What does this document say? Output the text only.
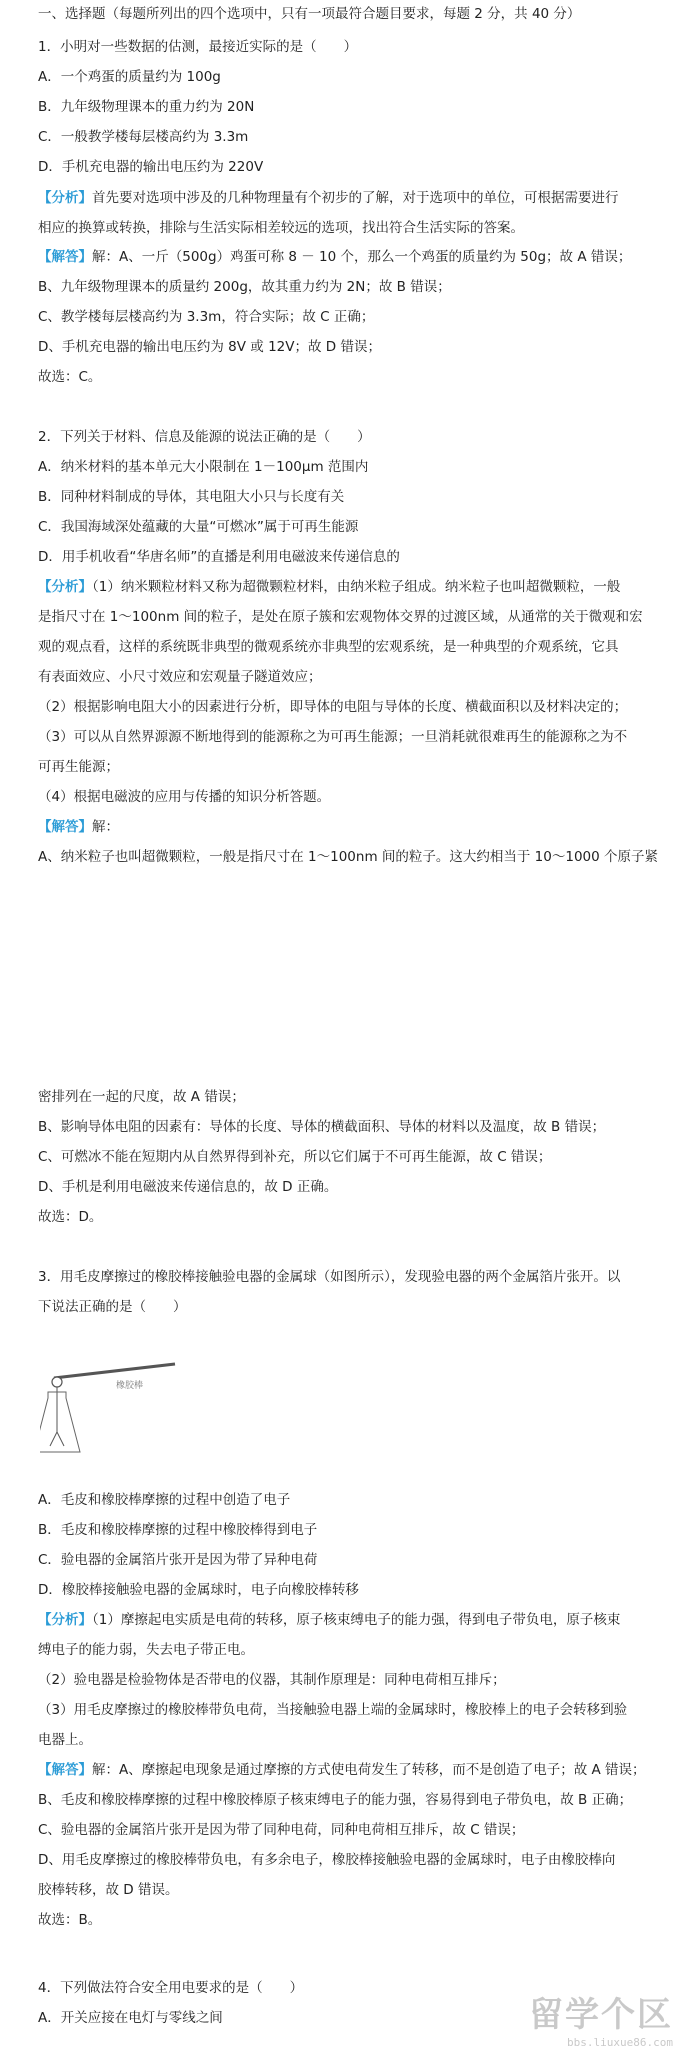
一、选择题（每题所列出的四个选项中，只有一项最符合题目要求，每题 2 分，共 40 分）
1．小明对一些数据的估测，最接近实际的是（　　）
A．一个鸡蛋的质量约为 100g
B．九年级物理课本的重力约为 20N
C．一般教学楼每层楼高约为 3.3m
D．手机充电器的输出电压约为 220V
【分析】首先要对选项中涉及的几种物理量有个初步的了解，对于选项中的单位，可根据需要进行
相应的换算或转换，排除与生活实际相差较远的选项，找出符合生活实际的答案。
【解答】解：A、一斤（500g）鸡蛋可称 8 － 10 个，那么一个鸡蛋的质量约为 50g；故 A 错误；
B、九年级物理课本的质量约 200g，故其重力约为 2N；故 B 错误；
C、教学楼每层楼高约为 3.3m，符合实际；故 C 正确；
D、手机充电器的输出电压约为 8V 或 12V；故 D 错误；
故选：C。
2．下列关于材料、信息及能源的说法正确的是（　　）
A．纳米材料的基本单元大小限制在 1－100μm 范围内
B．同种材料制成的导体，其电阻大小只与长度有关
C．我国海域深处蕴藏的大量“可燃冰”属于可再生能源
D．用手机收看“华唐名师”的直播是利用电磁波来传递信息的
【分析】（1）纳米颗粒材料又称为超微颗粒材料，由纳米粒子组成。纳米粒子也叫超微颗粒，一般
是指尺寸在 1～100nm 间的粒子，是处在原子簇和宏观物体交界的过渡区域，从通常的关于微观和宏
观的观点看，这样的系统既非典型的微观系统亦非典型的宏观系统，是一种典型的介观系统，它具
有表面效应、小尺寸效应和宏观量子隧道效应；
（2）根据影响电阻大小的因素进行分析，即导体的电阻与导体的长度、横截面积以及材料决定的；
（3）可以从自然界源源不断地得到的能源称之为可再生能源；一旦消耗就很难再生的能源称之为不
可再生能源；
（4）根据电磁波的应用与传播的知识分析答题。
【解答】解：
A、纳米粒子也叫超微颗粒，一般是指尺寸在 1～100nm 间的粒子。这大约相当于 10～1000 个原子紧
密排列在一起的尺度，故 A 错误；
B、影响导体电阻的因素有：导体的长度、导体的横截面积、导体的材料以及温度，故 B 错误；
C、可燃冰不能在短期内从自然界得到补充，所以它们属于不可再生能源，故 C 错误；
D、手机是利用电磁波来传递信息的，故 D 正确。
故选：D。
3．用毛皮摩擦过的橡胶棒接触验电器的金属球（如图所示），发现验电器的两个金属箔片张开。以
下说法正确的是（　　）
橡胶棒
A．毛皮和橡胶棒摩擦的过程中创造了电子
B．毛皮和橡胶棒摩擦的过程中橡胶棒得到电子
C．验电器的金属箔片张开是因为带了异种电荷
D．橡胶棒接触验电器的金属球时，电子向橡胶棒转移
【分析】（1）摩擦起电实质是电荷的转移，原子核束缚电子的能力强，得到电子带负电，原子核束
缚电子的能力弱，失去电子带正电。
（2）验电器是检验物体是否带电的仪器，其制作原理是：同种电荷相互排斥；
（3）用毛皮摩擦过的橡胶棒带负电荷，当接触验电器上端的金属球时，橡胶棒上的电子会转移到验
电器上。
【解答】解：A、摩擦起电现象是通过摩擦的方式使电荷发生了转移，而不是创造了电子；故 A 错误；
B、毛皮和橡胶棒摩擦的过程中橡胶棒原子核束缚电子的能力强，容易得到电子带负电，故 B 正确；
C、验电器的金属箔片张开是因为带了同种电荷，同种电荷相互排斥，故 C 错误；
D、用毛皮摩擦过的橡胶棒带负电，有多余电子，橡胶棒接触验电器的金属球时，电子由橡胶棒向
胶棒转移，故 D 错误。
故选：B。
4．下列做法符合安全用电要求的是（　　）
A．开关应接在电灯与零线之间	留学个区
bbs.liuxue86.com
